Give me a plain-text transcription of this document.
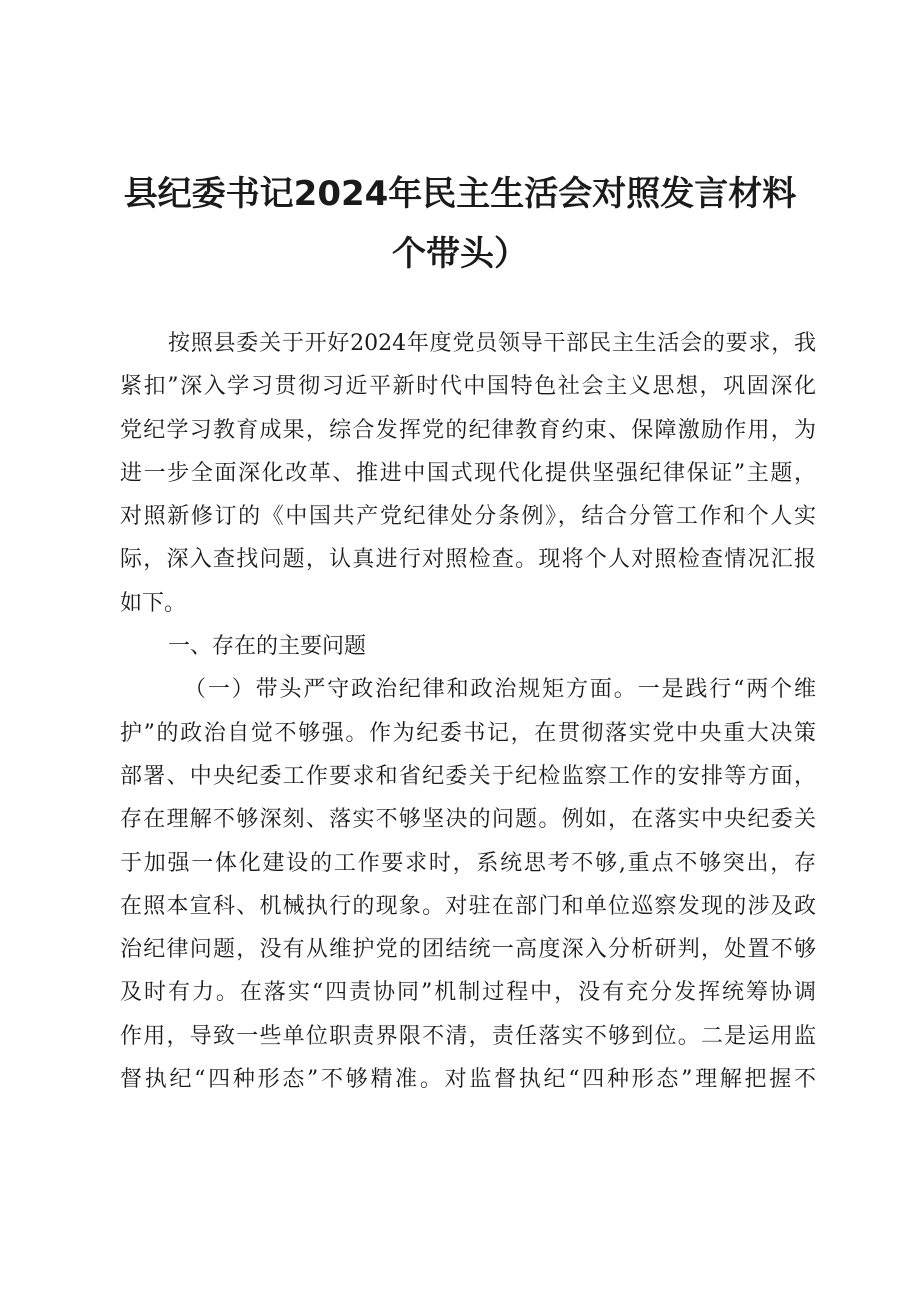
县纪委书记2024年民主生活会对照发言材料
个带头）
按照县委关于开好2024年度党员领导干部民主生活会的要求，我
紧扣”深入学习贯彻习近平新时代中国特色社会主义思想，巩固深化
党纪学习教育成果，综合发挥党的纪律教育约束、保障激励作用，为
进一步全面深化改革、推进中国式现代化提供坚强纪律保证”主题，
对照新修订的《中国共产党纪律处分条例》，结合分管工作和个人实
际，深入查找问题，认真进行对照检查。现将个人对照检查情况汇报
如下。
一、存在的主要问题
（一）带头严守政治纪律和政治规矩方面。一是践行“两个维
护”的政治自觉不够强。作为纪委书记，在贯彻落实党中央重大决策
部署、中央纪委工作要求和省纪委关于纪检监察工作的安排等方面，
存在理解不够深刻、落实不够坚决的问题。例如，在落实中央纪委关
于加强一体化建设的工作要求时，系统思考不够,重点不够突出，存
在照本宣科、机械执行的现象。对驻在部门和单位巡察发现的涉及政
治纪律问题，没有从维护党的团结统一高度深入分析研判，处置不够
及时有力。在落实“四责协同”机制过程中，没有充分发挥统筹协调
作用，导致一些单位职责界限不清，责任落实不够到位。二是运用监
督执纪“四种形态”不够精准。对监督执纪“四种形态”理解把握不
